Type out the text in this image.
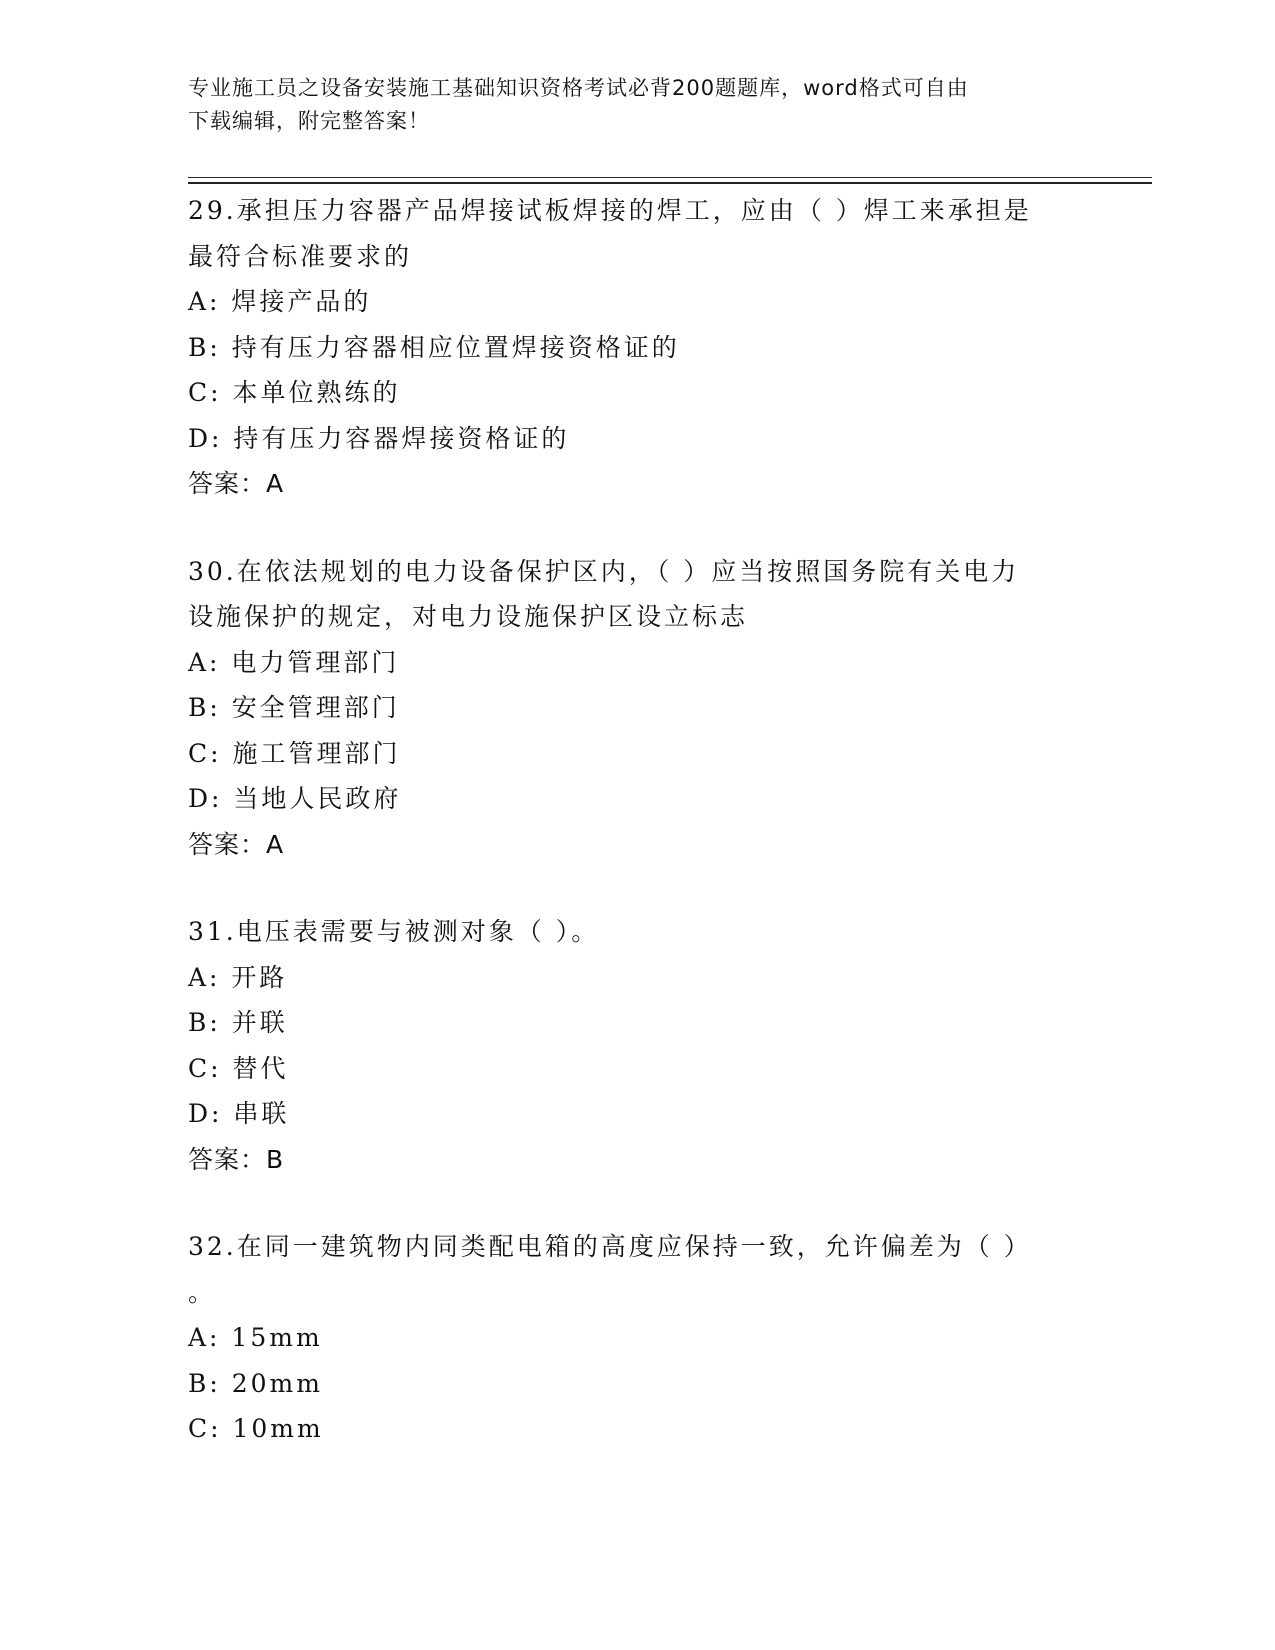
专业施工员之设备安装施工基础知识资格考试必背200题题库，word格式可自由
下载编辑，附完整答案！
29.承担压力容器产品焊接试板焊接的焊工，应由（ ）焊工来承担是
最符合标准要求的
A: 焊接产品的
B: 持有压力容器相应位置焊接资格证的
C: 本单位熟练的
D: 持有压力容器焊接资格证的
答案：A
30.在依法规划的电力设备保护区内，（ ）应当按照国务院有关电力
设施保护的规定，对电力设施保护区设立标志
A: 电力管理部门
B: 安全管理部门
C: 施工管理部门
D: 当地人民政府
答案：A
31.电压表需要与被测对象（ ）。
A: 开路
B: 并联
C: 替代
D: 串联
答案：B
32.在同一建筑物内同类配电箱的高度应保持一致，允许偏差为（ ）
。
A: 15mm
B: 20mm
C: 10mm
